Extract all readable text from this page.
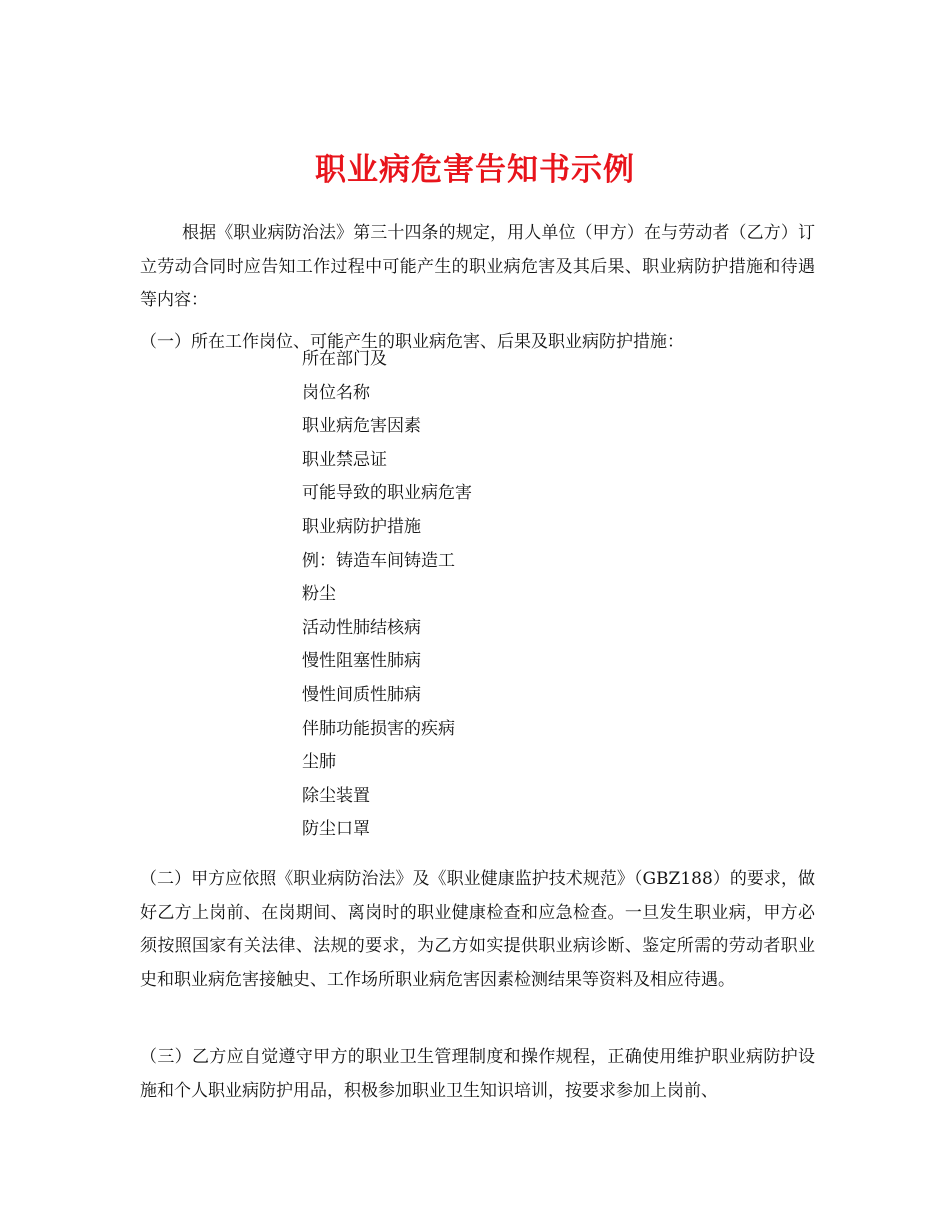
职业病危害告知书示例

根据《职业病防治法》第三十四条的规定，用人单位（甲方）在与劳动者（乙方）订立劳动合同时应告知工作过程中可能产生的职业病危害及其后果、职业病防护措施和待遇等内容：

（一）所在工作岗位、可能产生的职业病危害、后果及职业病防护措施：

所在部门及
岗位名称
职业病危害因素
职业禁忌证
可能导致的职业病危害
职业病防护措施
例：铸造车间铸造工
粉尘
活动性肺结核病
慢性阻塞性肺病
慢性间质性肺病
伴肺功能损害的疾病
尘肺
除尘装置
防尘口罩

（二）甲方应依照《职业病防治法》及《职业健康监护技术规范》（GBZ188）的要求，做好乙方上岗前、在岗期间、离岗时的职业健康检查和应急检查。一旦发生职业病，甲方必须按照国家有关法律、法规的要求，为乙方如实提供职业病诊断、鉴定所需的劳动者职业史和职业病危害接触史、工作场所职业病危害因素检测结果等资料及相应待遇。

（三）乙方应自觉遵守甲方的职业卫生管理制度和操作规程，正确使用维护职业病防护设施和个人职业病防护用品，积极参加职业卫生知识培训，按要求参加上岗前、
